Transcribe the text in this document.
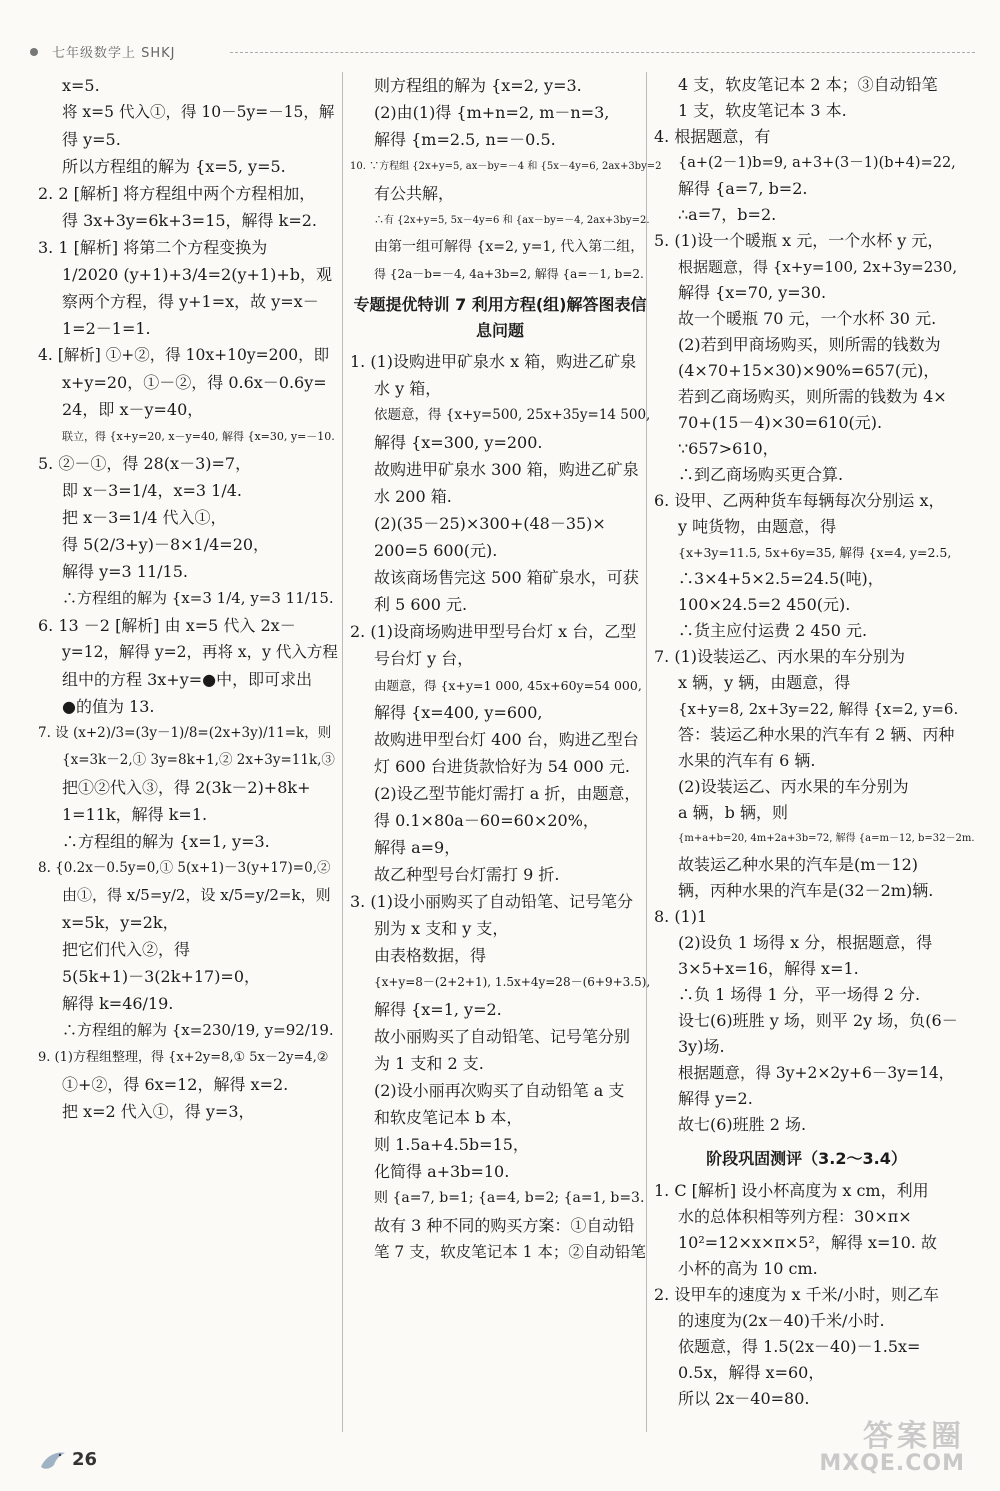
七年级数学上 SHKJ

x=5.

将 x=5 代入①，得 10－5y=－15，解

得 y=5.

所以方程组的解为 {x=5, y=5.

2. 2 [解析] 将方程组中两个方程相加，

得 3x+3y=6k+3=15，解得 k=2.

3. 1 [解析] 将第二个方程变换为

1/2020 (y+1)+3/4=2(y+1)+b，观

察两个方程，得 y+1=x，故 y=x－

1=2－1=1.

4. [解析] ①+②，得 10x+10y=200，即

x+y=20，①－②，得 0.6x－0.6y=

24，即 x－y=40，

联立，得 {x+y=20, x－y=40, 解得 {x=30, y=－10.

5. ②－①，得 28(x－3)=7，

即 x－3=1/4，x=3 1/4.

把 x－3=1/4 代入①，

得 5(2/3+y)－8×1/4=20，

解得 y=3 11/15.

∴方程组的解为 {x=3 1/4, y=3 11/15.

6. 13 －2 [解析] 由 x=5 代入 2x－

y=12，解得 y=2，再将 x，y 代入方程

组中的方程 3x+y=●中，即可求出

●的值为 13.

7. 设 (x+2)/3=(3y－1)/8=(2x+3y)/11=k，则

{x=3k－2,① 3y=8k+1,② 2x+3y=11k,③

把①②代入③，得 2(3k－2)+8k+

1=11k，解得 k=1.

∴方程组的解为 {x=1, y=3.

8. {0.2x－0.5y=0,① 5(x+1)－3(y+17)=0,②

由①，得 x/5=y/2，设 x/5=y/2=k，则

x=5k，y=2k，

把它们代入②，得

5(5k+1)－3(2k+17)=0，

解得 k=46/19.

∴方程组的解为 {x=230/19, y=92/19.

9. (1)方程组整理，得 {x+2y=8,① 5x－2y=4,②

①+②，得 6x=12，解得 x=2.

把 x=2 代入①，得 y=3，

则方程组的解为 {x=2, y=3.

(2)由(1)得 {m+n=2, m－n=3,

解得 {m=2.5, n=－0.5.

10. ∵方程组 {2x+y=5, ax－by=－4 和 {5x－4y=6, 2ax+3by=2

有公共解，

∴有 {2x+y=5, 5x－4y=6 和 {ax－by=－4, 2ax+3by=2.

由第一组可解得 {x=2, y=1, 代入第二组，

得 {2a－b=－4, 4a+3b=2, 解得 {a=－1, b=2.

专题提优特训 7 利用方程(组)解答图表信息问题

1. (1)设购进甲矿泉水 x 箱，购进乙矿泉

水 y 箱，

依题意，得 {x+y=500, 25x+35y=14 500,

解得 {x=300, y=200.

故购进甲矿泉水 300 箱，购进乙矿泉

水 200 箱.

(2)(35－25)×300+(48－35)×

200=5 600(元).

故该商场售完这 500 箱矿泉水，可获

利 5 600 元.

2. (1)设商场购进甲型号台灯 x 台，乙型

号台灯 y 台，

由题意，得 {x+y=1 000, 45x+60y=54 000,

解得 {x=400, y=600,

故购进甲型台灯 400 台，购进乙型台

灯 600 台进货款恰好为 54 000 元.

(2)设乙型节能灯需打 a 折，由题意，

得 0.1×80a－60=60×20%，

解得 a=9，

故乙种型号台灯需打 9 折.

3. (1)设小丽购买了自动铅笔、记号笔分

别为 x 支和 y 支，

由表格数据，得

{x+y=8－(2+2+1), 1.5x+4y=28－(6+9+3.5),

解得 {x=1, y=2.

故小丽购买了自动铅笔、记号笔分别

为 1 支和 2 支.

(2)设小丽再次购买了自动铅笔 a 支

和软皮笔记本 b 本，

则 1.5a+4.5b=15，

化简得 a+3b=10.

则 {a=7, b=1; {a=4, b=2; {a=1, b=3.

故有 3 种不同的购买方案：①自动铅

笔 7 支，软皮笔记本 1 本；②自动铅笔

4 支，软皮笔记本 2 本；③自动铅笔

1 支，软皮笔记本 3 本.

4. 根据题意，有

{a+(2－1)b=9, a+3+(3－1)(b+4)=22,

解得 {a=7, b=2.

∴a=7，b=2.

5. (1)设一个暖瓶 x 元，一个水杯 y 元，

根据题意，得 {x+y=100, 2x+3y=230,

解得 {x=70, y=30.

故一个暖瓶 70 元，一个水杯 30 元.

(2)若到甲商场购买，则所需的钱数为

(4×70+15×30)×90%=657(元)，

若到乙商场购买，则所需的钱数为 4×

70+(15－4)×30=610(元).

∵657>610，

∴到乙商场购买更合算.

6. 设甲、乙两种货车每辆每次分别运 x，

y 吨货物，由题意，得

{x+3y=11.5, 5x+6y=35, 解得 {x=4, y=2.5,

∴3×4+5×2.5=24.5(吨)，

100×24.5=2 450(元).

∴货主应付运费 2 450 元.

7. (1)设装运乙、丙水果的车分别为

x 辆，y 辆，由题意，得

{x+y=8, 2x+3y=22, 解得 {x=2, y=6.

答：装运乙种水果的汽车有 2 辆、丙种

水果的汽车有 6 辆.

(2)设装运乙、丙水果的车分别为

a 辆，b 辆，则

{m+a+b=20, 4m+2a+3b=72, 解得 {a=m－12, b=32－2m.

故装运乙种水果的汽车是(m－12)

辆，丙种水果的汽车是(32－2m)辆.

8. (1)1

(2)设负 1 场得 x 分，根据题意，得

3×5+x=16，解得 x=1.

∴负 1 场得 1 分，平一场得 2 分.

设七(6)班胜 y 场，则平 2y 场，负(6－

3y)场.

根据题意，得 3y+2×2y+6－3y=14，

解得 y=2.

故七(6)班胜 2 场.

阶段巩固测评（3.2～3.4）

1. C [解析] 设小杯高度为 x cm，利用

水的总体积相等列方程：30×π×

10²=12×x×π×5²，解得 x=10. 故

小杯的高为 10 cm.

2. 设甲车的速度为 x 千米/小时，则乙车

的速度为(2x－40)千米/小时.

依题意，得 1.5(2x－40)－1.5x=

0.5x，解得 x=60，

所以 2x－40=80.

26
答案圈
MXQE.COM
